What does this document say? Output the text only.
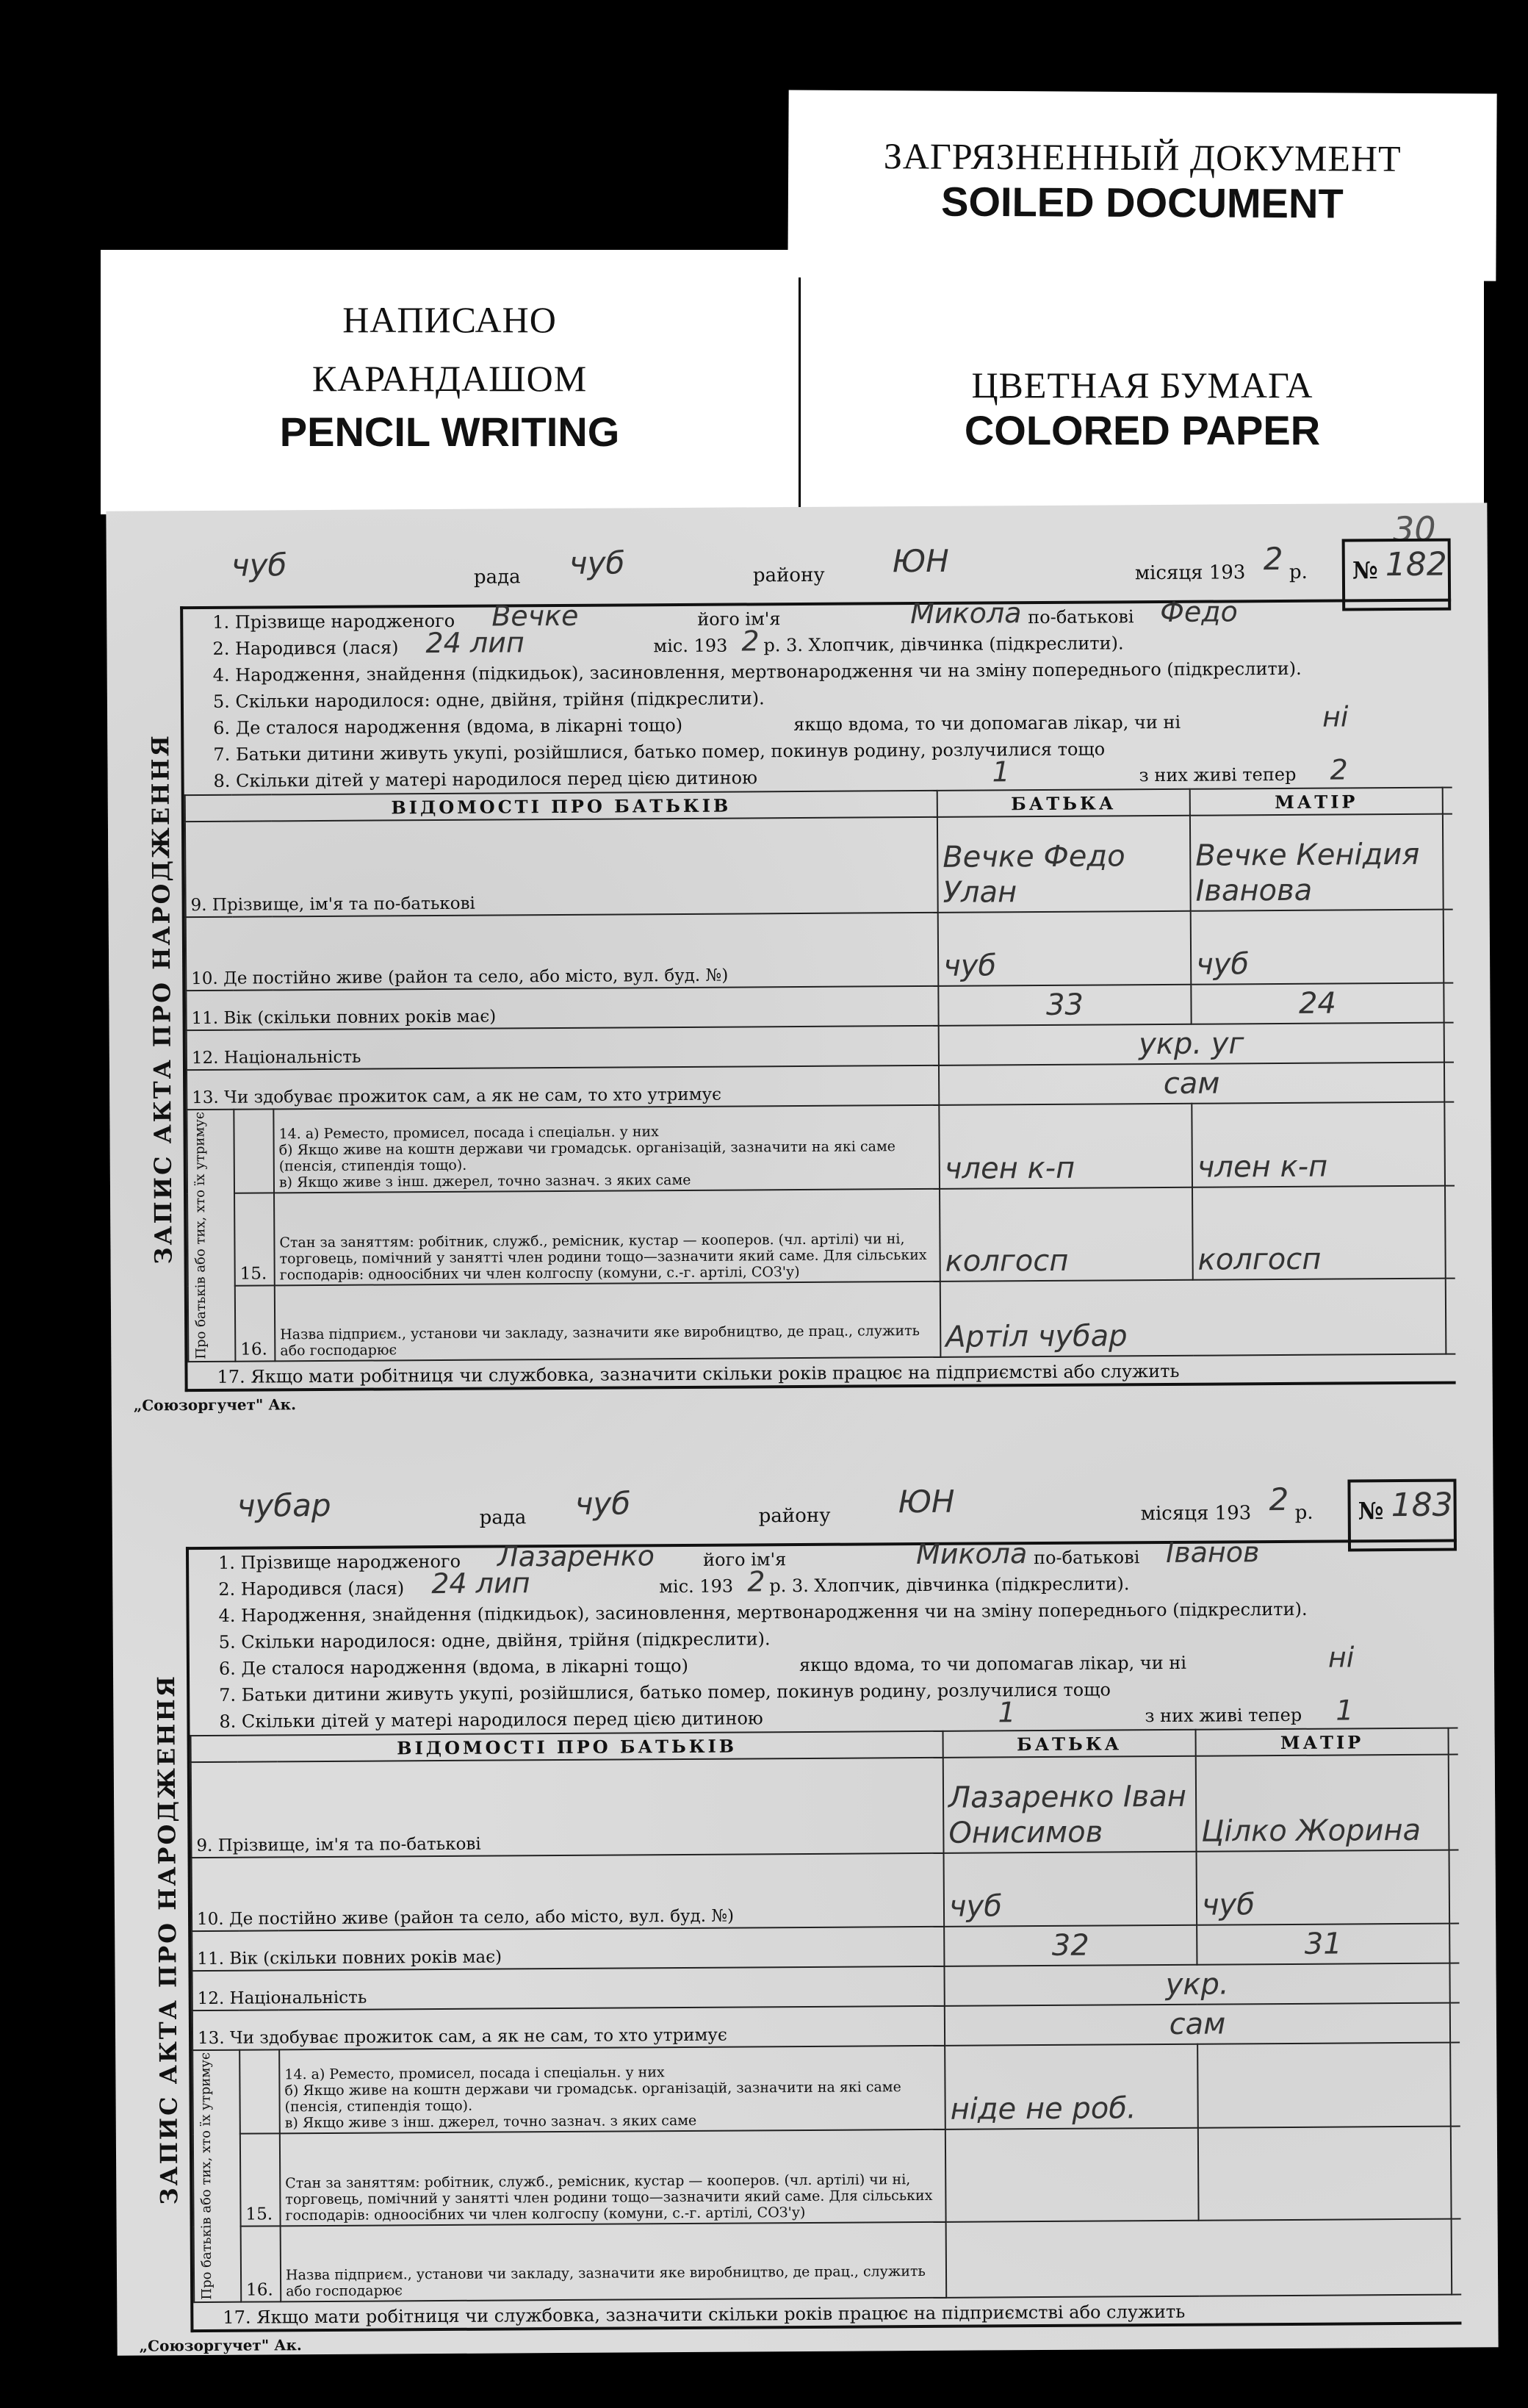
ЗАГРЯЗНЕННЫЙ ДОКУМЕНТ
SOILED DOCUMENT
ЦВЕТНАЯ БУМАГА
COLORED PAPER
НАПИСАНО
КАРАНДАШОМ
PENCIL WRITING
30
чуб	рада чуб	району ЮН	місяця 193 2 р. № 182
ЗАПИС АКТА ПРО НАРОДЖЕННЯ
1. Прізвище народженого Вечке	його ім'я	Микола по-батькові Федо
2. Народився (лася) 24 лип	міс. 193 2 р. 3. Хлопчик, дівчинка (підкреслити).
4. Народження, знайдення (підкидьок), засиновлення, мертвонародження чи на зміну попереднього (підкреслити).
5. Скільки народилося: одне, двійня, трійня (підкреслити).
6. Де сталося народження (вдома, в лікарні тощо)	якщо вдома, то чи допомагав лікар, чи ні	ні
7. Батьки дитини живуть укупі, розійшлися, батько помер, покинув родину, розлучилися тощо
8. Скільки дітей у матері народилося перед цією дитиною	1	з них живі тепер 2
ВІДОМОСТІ ПРО БАТЬКІВ			БАТЬКА	МАТІР	
9. Прізвище, ім'я та по-батькові			Вечке Федо Улан	Вечке Кенідия Іванова	
10. Де постійно живе (район та село, або місто, вул. буд. №)			чуб	чуб	
11. Вік (скільки повних років має)			33	24	
12. Національність			укр. уг		
13. Чи здобуває прожиток сам, а як не сам, то хто утримує			сам		

Про батьків або тих, хто їх утримує		14. а) Реместо, промисел, посада і спеціальн. у них
б) Якщо живе на коштн держави чи громадськ. організацій, зазначити на які саме (пенсія, стипендія тощо).
в) Якщо живе з інш. джерел, точно зазнач. з яких саме	член к-п	член к-п	
	15.	Стан за заняттям: робітник, служб., ремісник, кустар — кооперов. (чл. артілі) чи ні, торговець, помічний у занятті член родини тощо—зазначити який саме. Для сільських господарів: одноосібних чи член колгоспу (комуни, с.-г. артілі, СОЗ'у)	колгосп	колгосп	
	16.	Назва підприєм., установи чи закладу, зазначити яке виробництво, де прац., служить або господарює	Артіл чубар		
17. Якщо мати робітниця чи службовка, зазначити скільки років працює на підприємстві або служить
„Союзоргучет" Ак.
чубар	рада чуб	району ЮН	місяця 193 2 р. № 183
ЗАПИС АКТА ПРО НАРОДЖЕННЯ
1. Прізвище народженого Лазаренко	його ім'я	Микола по-батькові Іванов
2. Народився (лася) 24 лип	міс. 193 2 р. 3. Хлопчик, дівчинка (підкреслити).
4. Народження, знайдення (підкидьок), засиновлення, мертвонародження чи на зміну попереднього (підкреслити).
5. Скільки народилося: одне, двійня, трійня (підкреслити).
6. Де сталося народження (вдома, в лікарні тощо)	якщо вдома, то чи допомагав лікар, чи ні	ні
7. Батьки дитини живуть укупі, розійшлися, батько помер, покинув родину, розлучилися тощо
8. Скільки дітей у матері народилося перед цією дитиною	1	з них живі тепер 1
ВІДОМОСТІ ПРО БАТЬКІВ			БАТЬКА	МАТІР	
9. Прізвище, ім'я та по-батькові			Лазаренко Іван Онисимов	Цілко Жорина	
10. Де постійно живе (район та село, або місто, вул. буд. №)			чуб	чуб	
11. Вік (скільки повних років має)			32	31	
12. Національність			укр.		
13. Чи здобуває прожиток сам, а як не сам, то хто утримує			сам		

Про батьків або тих, хто їх утримує		14. а) Реместо, промисел, посада і спеціальн. у них
б) Якщо живе на коштн держави чи громадськ. організацій, зазначити на які саме (пенсія, стипендія тощо).
в) Якщо живе з інш. джерел, точно зазнач. з яких саме	ніде не роб.		
	15.	Стан за заняттям: робітник, служб., ремісник, кустар — кооперов. (чл. артілі) чи ні, торговець, помічний у занятті член родини тощо—зазначити який саме. Для сільських господарів: одноосібних чи член колгоспу (комуни, с.-г. артілі, СОЗ'у)			
	16.	Назва підприєм., установи чи закладу, зазначити яке виробництво, де прац., служить або господарює			
17. Якщо мати робітниця чи службовка, зазначити скільки років працює на підприємстві або служить
„Союзоргучет" Ак.
